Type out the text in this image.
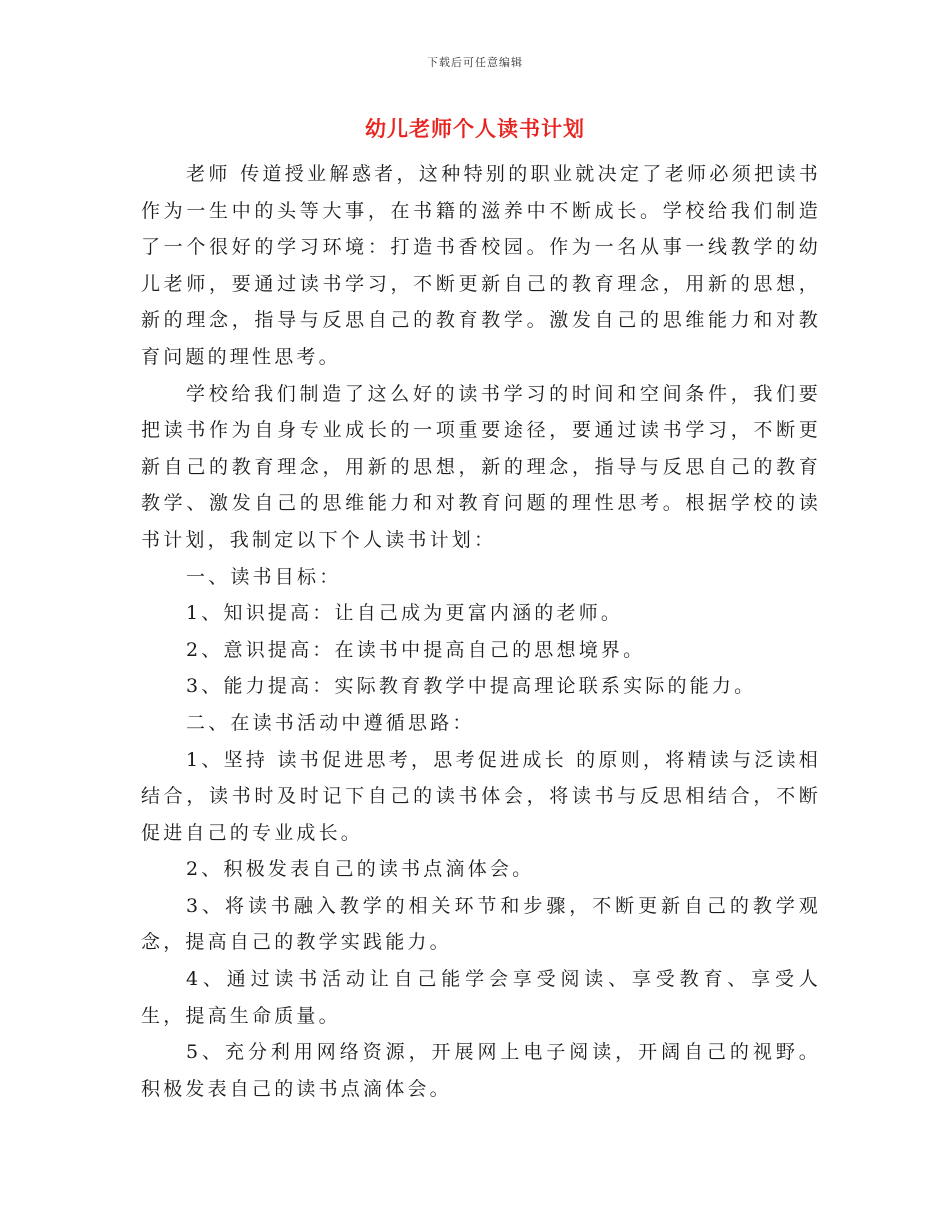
下载后可任意编辑
幼儿老师个人读书计划

老师 传道授业解惑者，这种特别的职业就决定了老师必须把读书作为一生中的头等大事，在书籍的滋养中不断成长。学校给我们制造了一个很好的学习环境：打造书香校园。作为一名从事一线教学的幼儿老师，要通过读书学习，不断更新自己的教育理念，用新的思想，新的理念，指导与反思自己的教育教学。激发自己的思维能力和对教育问题的理性思考。

学校给我们制造了这么好的读书学习的时间和空间条件，我们要把读书作为自身专业成长的一项重要途径，要通过读书学习，不断更新自己的教育理念，用新的思想，新的理念，指导与反思自己的教育教学、激发自己的思维能力和对教育问题的理性思考。根据学校的读书计划，我制定以下个人读书计划：

一、读书目标：

1、知识提高：让自己成为更富内涵的老师。

2、意识提高：在读书中提高自己的思想境界。

3、能力提高：实际教育教学中提高理论联系实际的能力。

二、在读书活动中遵循思路：

1、坚持 读书促进思考，思考促进成长 的原则，将精读与泛读相结合，读书时及时记下自己的读书体会，将读书与反思相结合，不断促进自己的专业成长。

2、积极发表自己的读书点滴体会。

3、将读书融入教学的相关环节和步骤，不断更新自己的教学观念，提高自己的教学实践能力。

4、通过读书活动让自己能学会享受阅读、享受教育、享受人生，提高生命质量。

5、充分利用网络资源，开展网上电子阅读，开阔自己的视野。积极发表自己的读书点滴体会。
